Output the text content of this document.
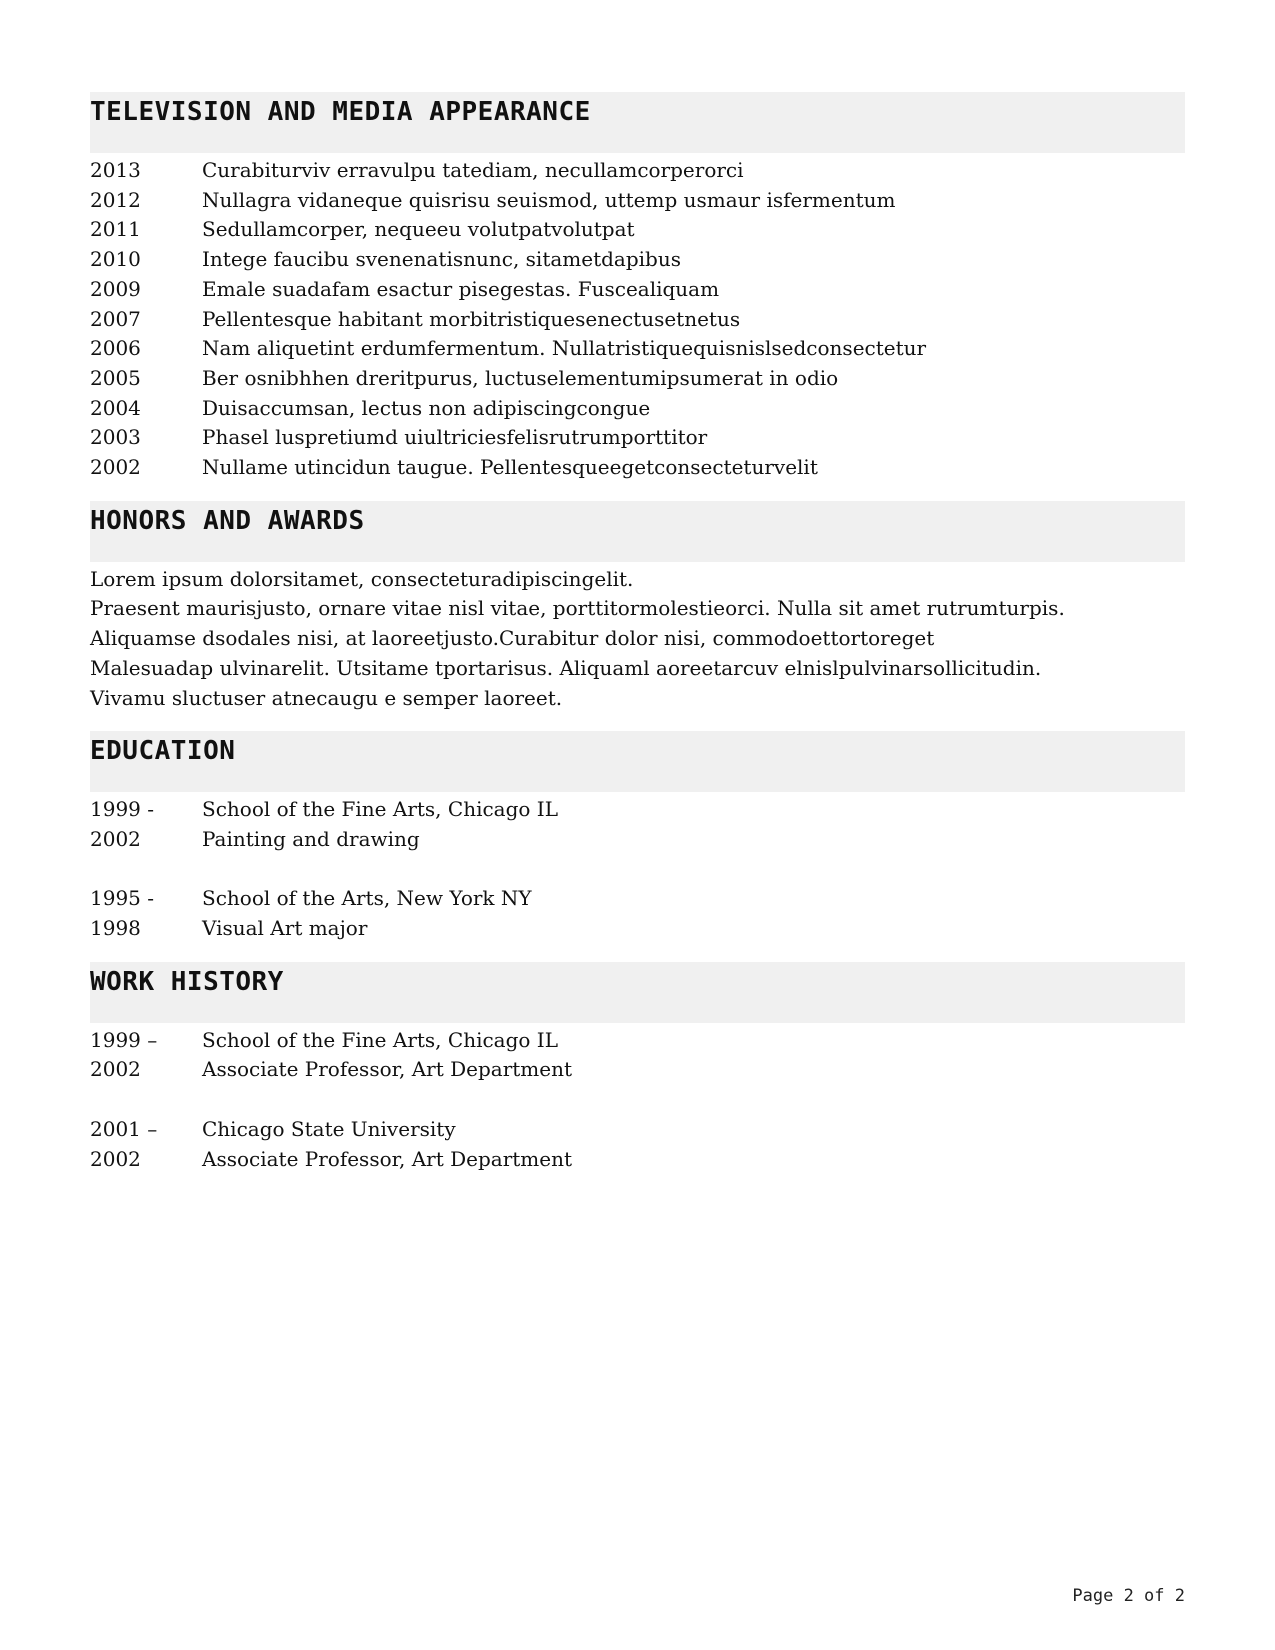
TELEVISION AND MEDIA APPEARANCE
2013	Curabiturviv erravulpu tatediam, necullamcorperorci
2012	Nullagra vidaneque quisrisu seuismod, uttemp usmaur isfermentum
2011	Sedullamcorper, nequeeu volutpatvolutpat
2010	Intege faucibu svenenatisnunc, sitametdapibus
2009	Emale suadafam esactur pisegestas. Fuscealiquam
2007	Pellentesque habitant morbitristiquesenectusetnetus
2006	Nam aliquetint erdumfermentum. Nullatristiquequisnislsedconsectetur
2005	Ber osnibhhen dreritpurus, luctuselementumipsumerat in odio
2004	Duisaccumsan, lectus non adipiscingcongue
2003	Phasel luspretiumd uiultriciesfelisrutrumporttitor
2002	Nullame utincidun taugue. Pellentesqueegetconsecteturvelit
HONORS AND AWARDS
Lorem ipsum dolorsitamet, consecteturadipiscingelit.
Praesent maurisjusto, ornare vitae nisl vitae, porttitormolestieorci. Nulla sit amet rutrumturpis.
Aliquamse dsodales nisi, at laoreetjusto.Curabitur dolor nisi, commodoettortoreget
Malesuadap ulvinarelit. Utsitame tportarisus. Aliquaml aoreetarcuv elnislpulvinarsollicitudin.
Vivamu sluctuser atnecaugu e semper laoreet.
EDUCATION
1999 -	School of the Fine Arts, Chicago IL
2002	Painting and drawing
1995 -	School of the Arts, New York NY
1998	Visual Art major
WORK HISTORY
1999 –	School of the Fine Arts, Chicago IL
2002	Associate Professor, Art Department
2001 –	Chicago State University
2002	Associate Professor, Art Department
Page 2 of 2
